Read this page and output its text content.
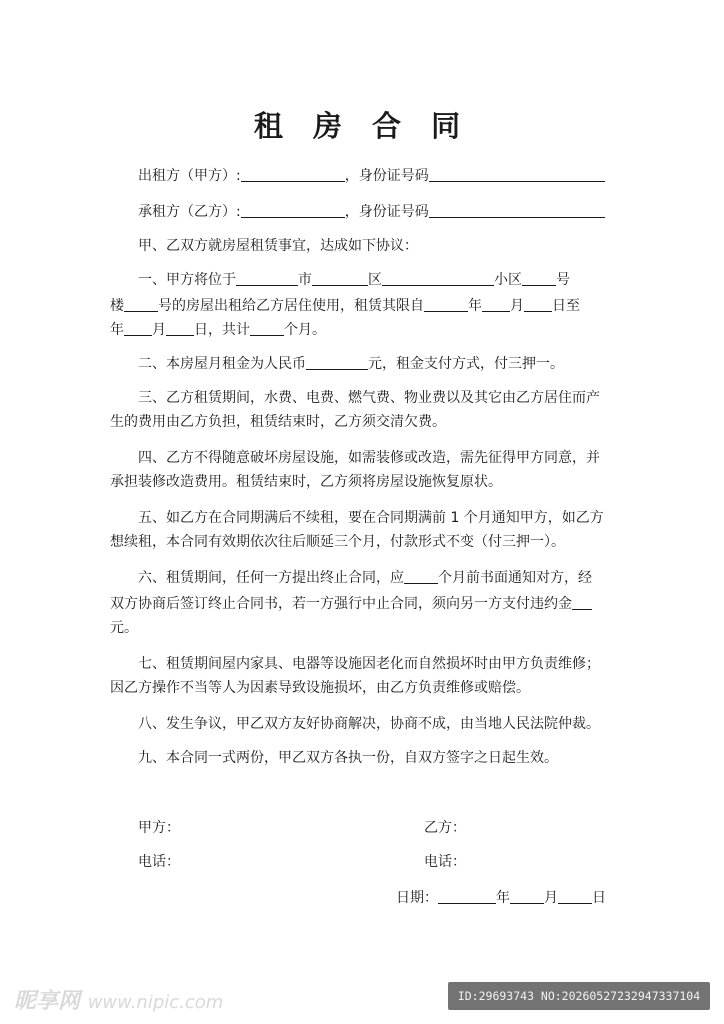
租 房 合 同
出租方（甲方）:	，身份证号码
承租方（乙方）:	，身份证号码
甲、乙双方就房屋租赁事宜，达成如下协议：
一、甲方将位于	市	区	小区 号
楼 号的房屋出租给乙方居住使用，租赁其限自	年 月 日至
年 月 日，共计 个月。
二、本房屋月租金为人民币	元，租金支付方式，付三押一。
三、乙方租赁期间，水费、电费、燃气费、物业费以及其它由乙方居住而产
生的费用由乙方负担，租赁结束时，乙方须交清欠费。
四、乙方不得随意破坏房屋设施，如需装修或改造，需先征得甲方同意，并
承担装修改造费用。租赁结束时，乙方须将房屋设施恢复原状。
五、如乙方在合同期满后不续租，要在合同期满前 1 个月通知甲方，如乙方
想续租，本合同有效期依次往后顺延三个月，付款形式不变（付三押一）。
六、租赁期间，任何一方提出终止合同，应 个月前书面通知对方，经
双方协商后签订终止合同书，若一方强行中止合同，须向另一方支付违约金
元。
七、租赁期间屋内家具、电器等设施因老化而自然损坏时由甲方负责维修；
因乙方操作不当等人为因素导致设施损坏，由乙方负责维修或赔偿。
八、发生争议，甲乙双方友好协商解决，协商不成，由当地人民法院仲裁。
九、本合同一式两份，甲乙双方各执一份，自双方签字之日起生效。
甲方：	乙方：
电话：	电话：
日期：	年 月 日
昵享网 www.nipic.com	ID:29693743 NO:20260527232947337104
